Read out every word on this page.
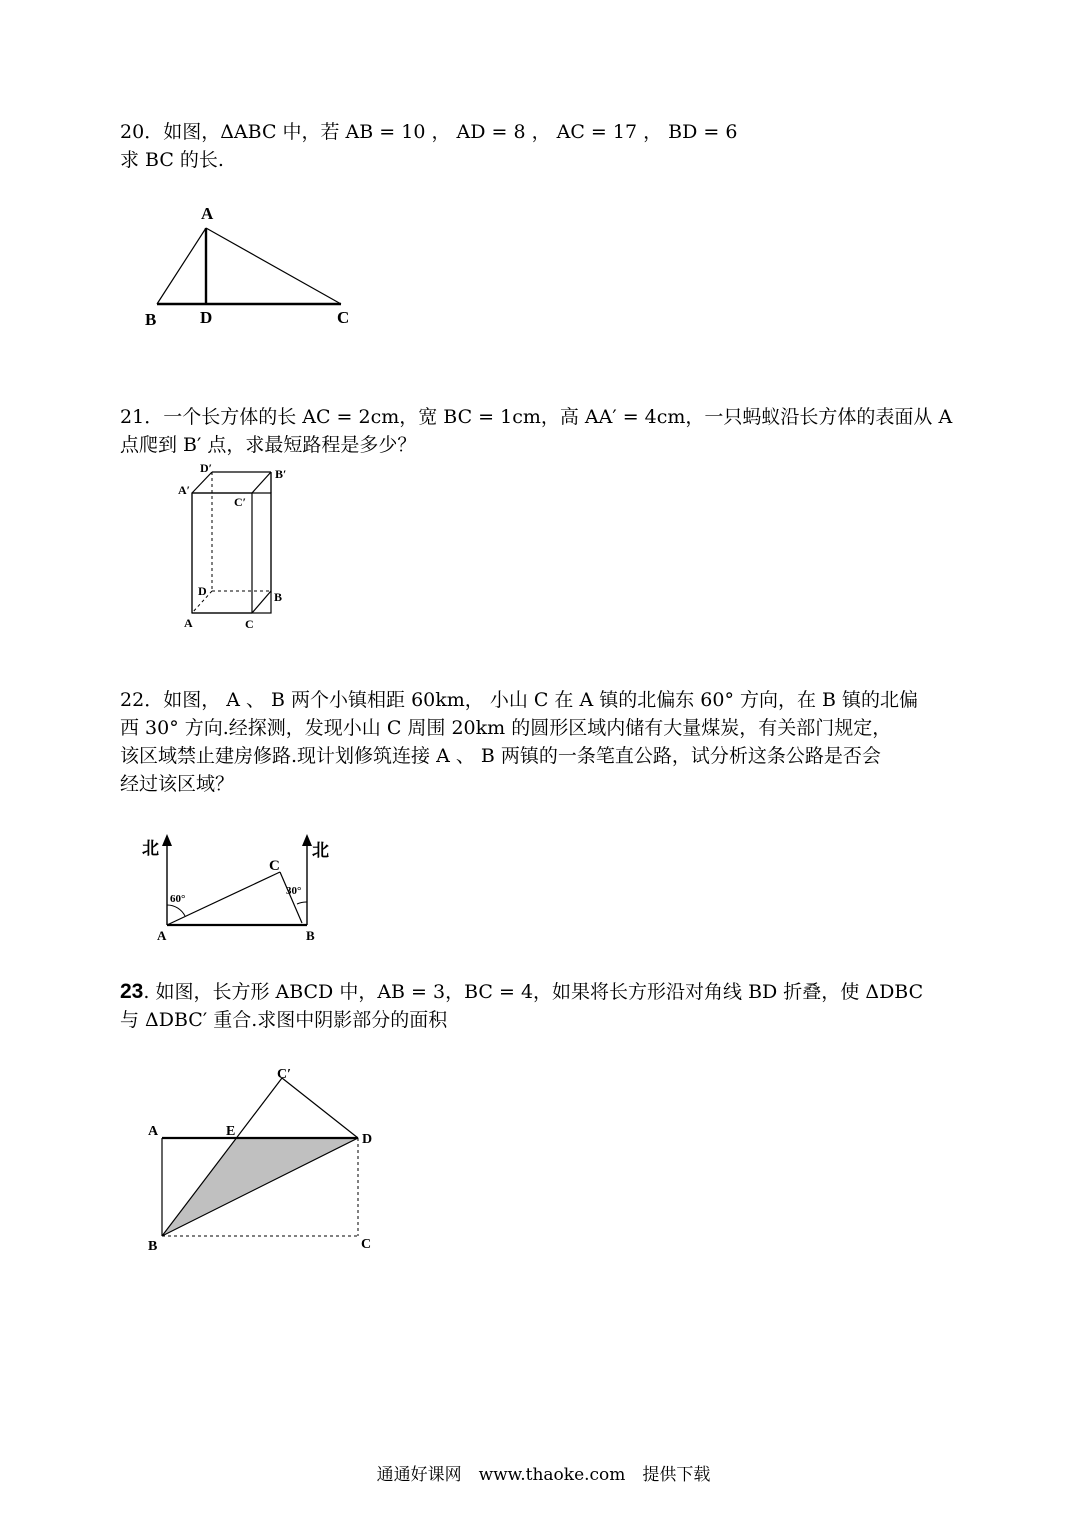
20．如图，ΔABC 中，若 AB = 10 ， AD = 8 ， AC = 17 ， BD = 6
求 BC 的长.
A
B	D	C
21．一个长方体的长 AC = 2cm，宽 BC = 1cm，高 AA′ = 4cm，一只蚂蚁沿长方体的表面从 A
点爬到 B′ 点，求最短路程是多少？
D′	B′
A′
C′
D	B
A	C
22．如图， A 、 B 两个小镇相距 60km， 小山 C 在 A 镇的北偏东 60° 方向，在 B 镇的北偏
西 30° 方向.经探测，发现小山 C 周围 20km 的圆形区域内储有大量煤炭，有关部门规定，
该区域禁止建房修路.现计划修筑连接 A 、 B 两镇的一条笔直公路，试分析这条公路是否会
经过该区域？
北	北
C
A	B
60°
30°
23. 如图，长方形 ABCD 中，AB = 3，BC = 4，如果将长方形沿对角线 BD 折叠，使 ΔDBC
与 ΔDBC′ 重合.求图中阴影部分的面积
C′
A	E
D
B	C
通通好课网　www.thaoke.com　提供下载
